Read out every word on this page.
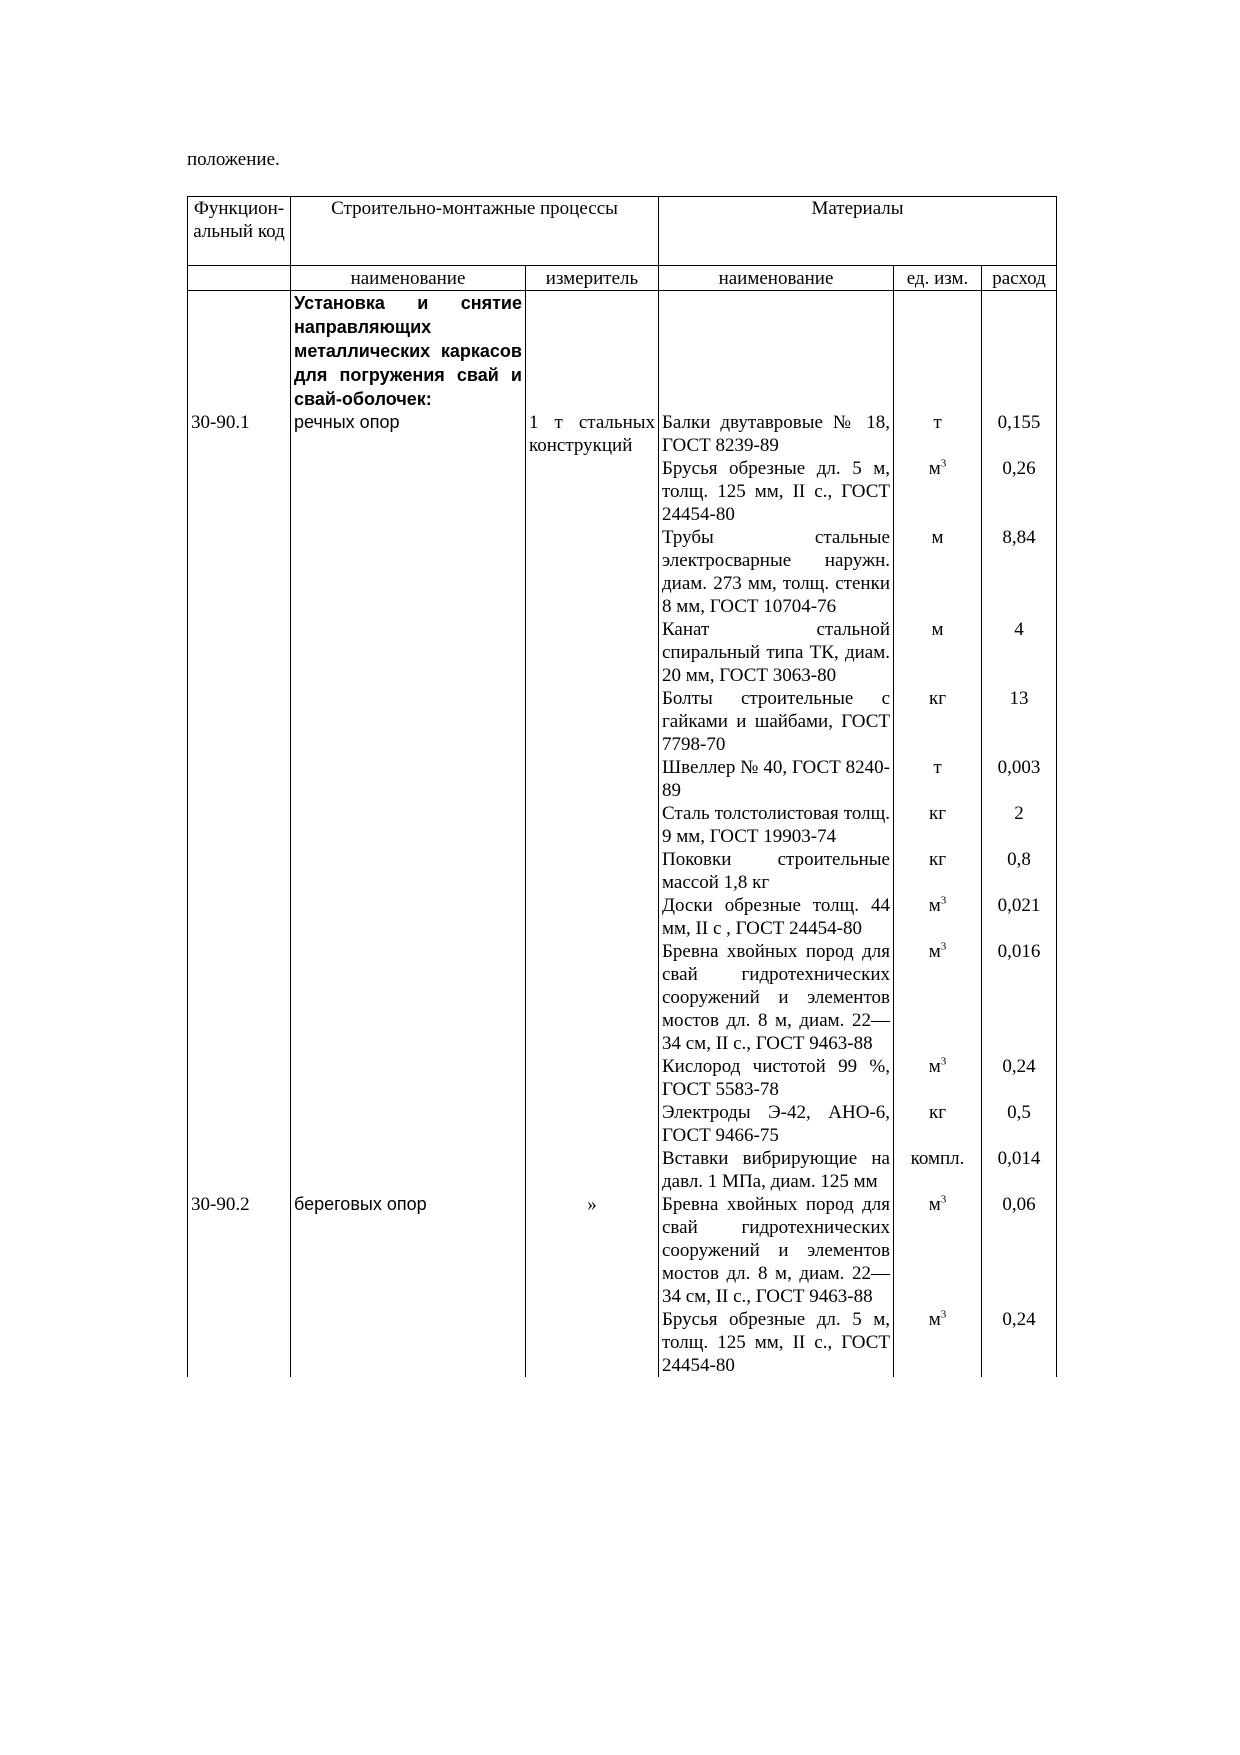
положение.
Функциональный код	Строительно-монтажные процессы		Материалы		
	наименование	измеритель	наименование	ед. изм.	расход
	Установка и снятие направляющих металлических каркасов для погружения свай и свай-оболочек:				
30-90.1	речных опор	1 т стальных конструкций	Балки двутавровые № 18, ГОСТ 8239-89	т	0,155
			Брусья обрезные дл. 5 м, толщ. 125 мм, II с., ГОСТ 24454-80	$м^3$	0,26
			Трубы стальные электросварные наружн. диам. 273 мм, толщ. стенки 8 мм, ГОСТ 10704-76	м	8,84
			Канат стальной спиральный типа ТК, диам. 20 мм, ГОСТ 3063-80	м	4
			Болты строительные с гайками и шайбами, ГОСТ 7798-70	кг	13
			Швеллер № 40, ГОСТ 8240-89	т	0,003
			Сталь толстолистовая толщ. 9 мм, ГОСТ 19903-74	кг	2
			Поковки строительные массой 1,8 кг	кг	0,8
			Доски обрезные толщ. 44 мм, II с , ГОСТ 24454-80	$м^3$	0,021
			Бревна хвойных пород для свай гидротехнических сооружений и элементов мостов дл. 8 м, диам. 22—34 см, II с., ГОСТ 9463-88	$м^3$	0,016
			Кислород чистотой 99 %, ГОСТ 5583-78	$м^3$	0,24
			Электроды Э-42, АНО-6, ГОСТ 9466-75	кг	0,5
			Вставки вибрирующие на давл. 1 МПа, диам. 125 мм	компл.	0,014
30-90.2	береговых опор	»	Бревна хвойных пород для свай гидротехнических сооружений и элементов мостов дл. 8 м, диам. 22—34 см, II с., ГОСТ 9463-88	$м^3$	0,06
			Брусья обрезные дл. 5 м, толщ. 125 мм, II с., ГОСТ 24454-80	$м^3$	0,24
